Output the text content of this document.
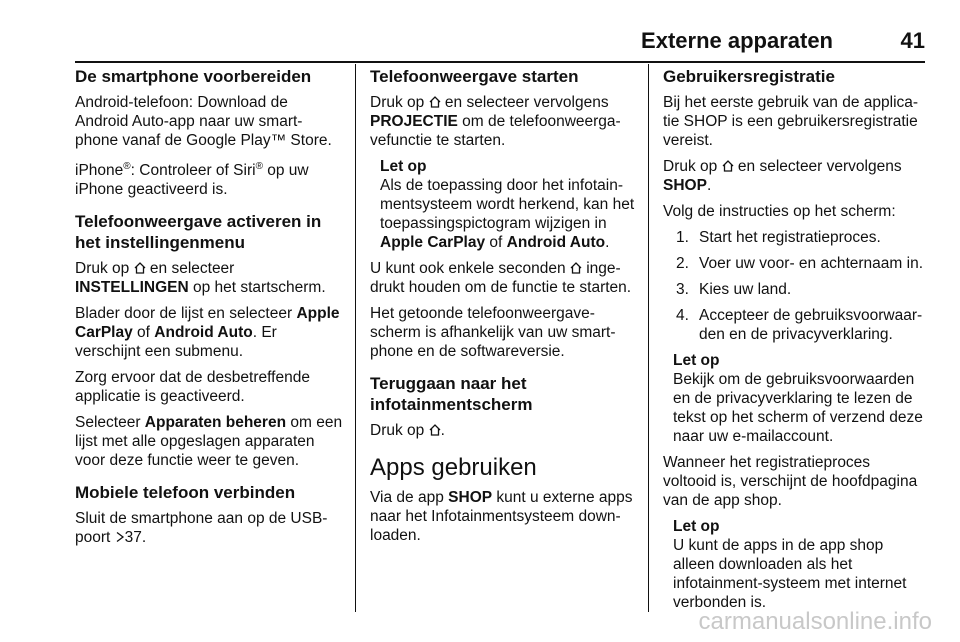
Externe apparaten	41
De smartphone voorbereiden

Android-telefoon: Download de Android Auto-app naar uw smart-phone vanaf de Google Play™ Store.

iPhone®: Controleer of Siri® op uw iPhone geactiveerd is.

Telefoonweergave activeren in het instellingenmenu

Druk op
en selecteer
INSTELLINGEN op het startscherm.

Blader door de lijst en selecteer Apple CarPlay of Android Auto. Er verschijnt een submenu.

Zorg ervoor dat de desbetreffende applicatie is geactiveerd.

Selecteer Apparaten beheren om een lijst met alle opgeslagen apparaten voor deze functie weer te geven.

Mobiele telefoon verbinden

Sluit de smartphone aan op de USB-poort
37.

Telefoonweergave starten

Druk op
en selecteer vervolgens
PROJECTIE om de telefoonweerga-vefunctie te starten.

Let op
Als de toepassing door het infotain-mentsysteem wordt herkend, kan het toepassingspictogram wijzigen in Apple CarPlay of Android Auto.

U kunt ook enkele seconden
inge-drukt houden om de functie te starten.

Het getoonde telefoonweergave-scherm is afhankelijk van uw smart-phone en de softwareversie.

Teruggaan naar het infotainmentscherm

Druk op
.

Apps gebruiken

Via de app SHOP kunt u externe apps naar het Infotainmentsysteem down-loaden.

Gebruikersregistratie

Bij het eerste gebruik van de applica-tie SHOP is een gebruikersregistratie vereist.

Druk op
en selecteer vervolgens
SHOP.

Volg de instructies op het scherm:

1. Start het registratieproces.
2. Voer uw voor- en achternaam in.
3. Kies uw land.
4. Accepteer de gebruiksvoorwaar-den en de privacyverklaring.
Let op
Bekijk om de gebruiksvoorwaarden en de privacyverklaring te lezen de tekst op het scherm of verzend deze naar uw e-mailaccount.

Wanneer het registratieproces voltooid is, verschijnt de hoofdpagina van de app shop.

Let op
U kunt de apps in de app shop alleen downloaden als het infotainment-systeem met internet verbonden is.
carmanualsonline.info
